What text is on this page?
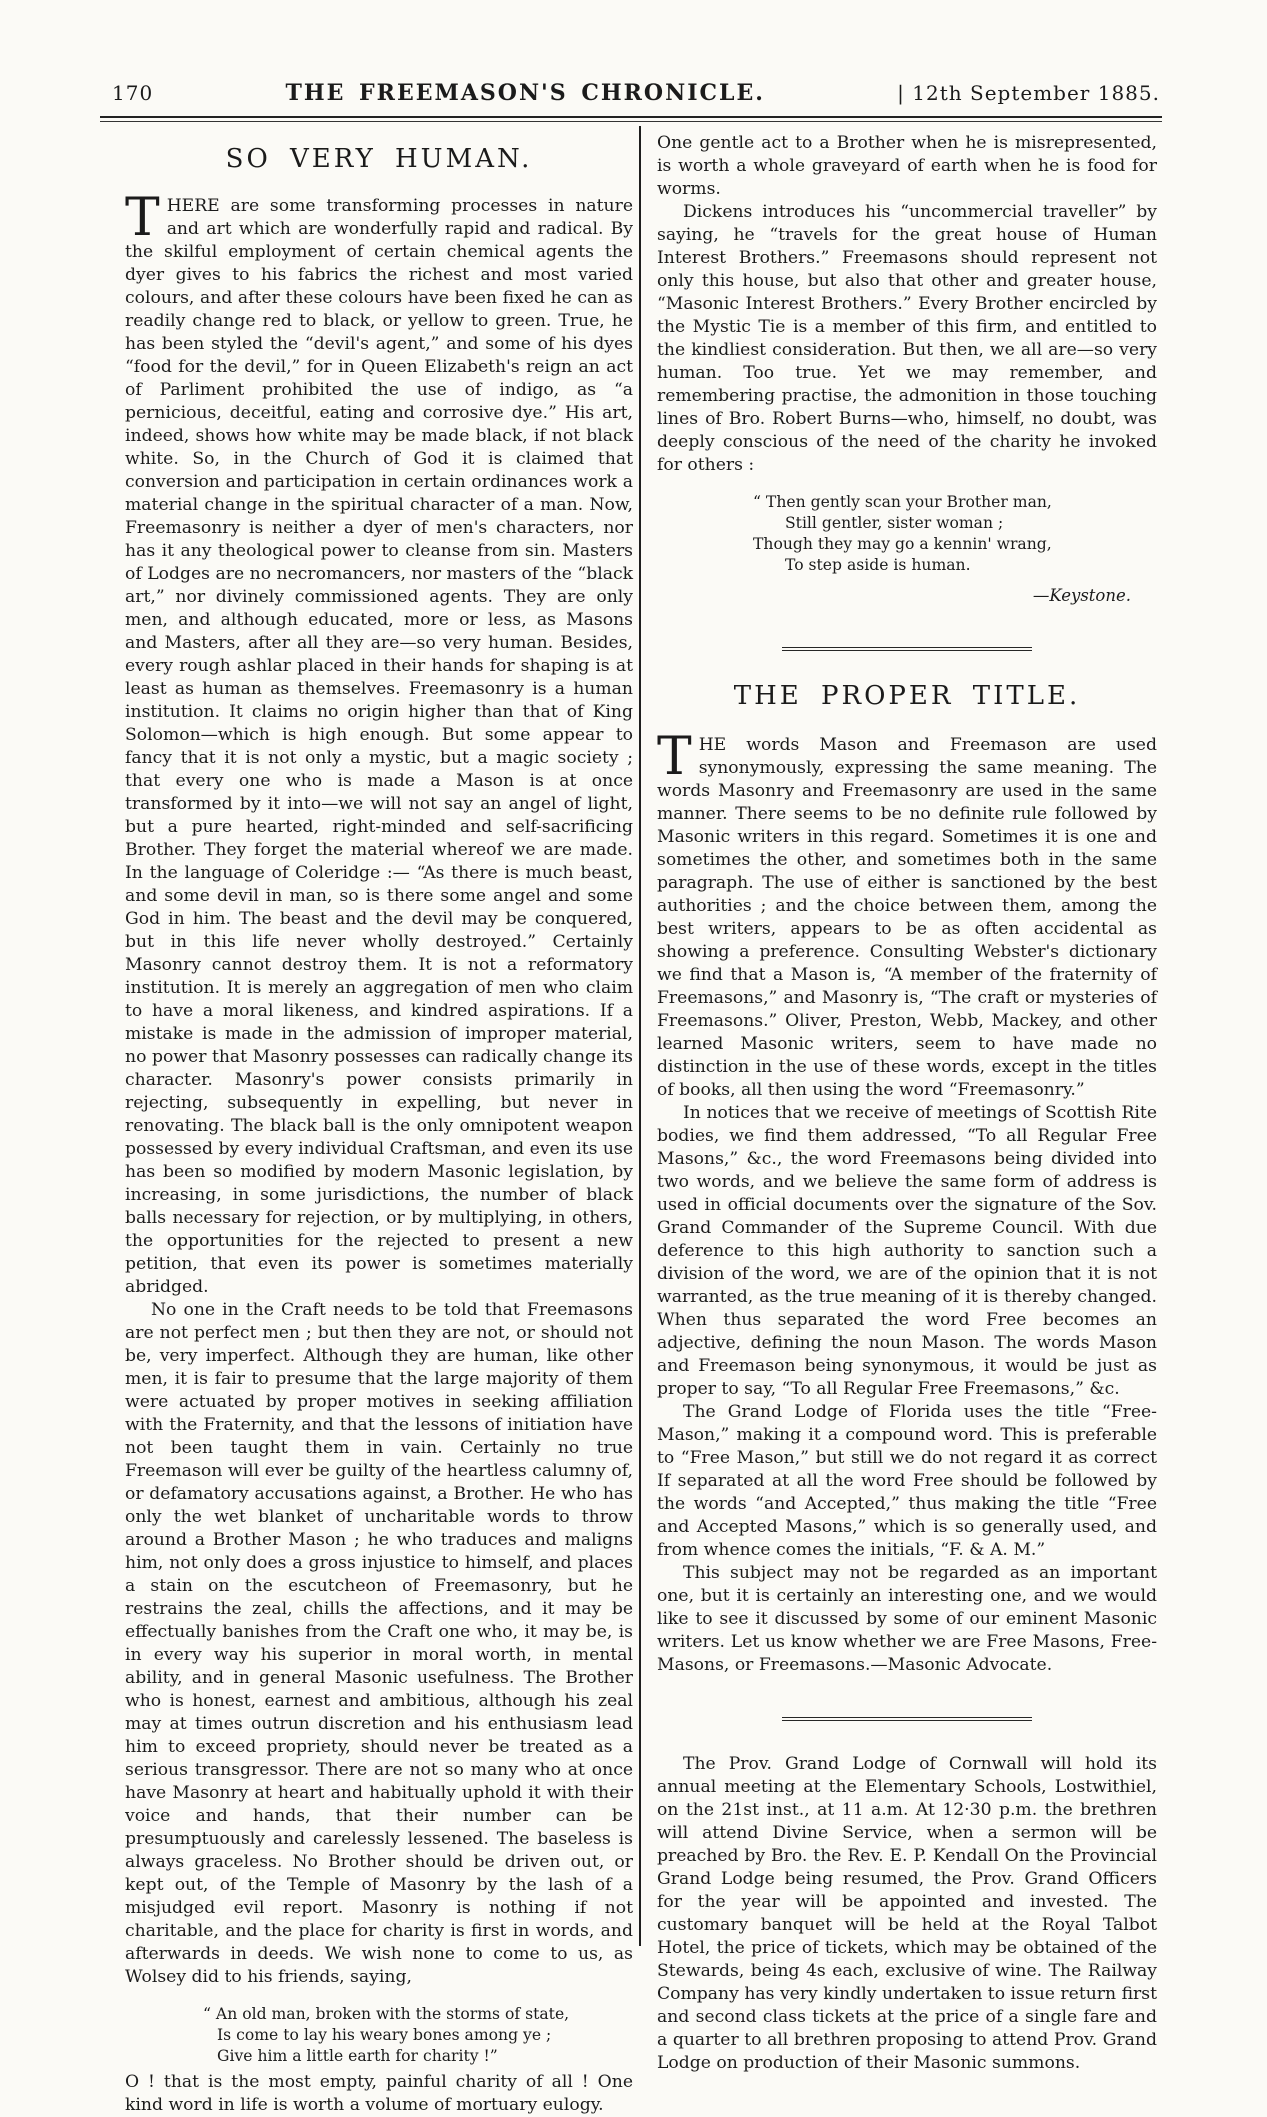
170	THE FREEMASON'S CHRONICLE.	| 12th September 1885.
SO VERY HUMAN.

THERE are some transforming processes in nature and art which are wonderfully rapid and radical. By the skilful employment of certain chemical agents the dyer gives to his fabrics the richest and most varied colours, and after these colours have been fixed he can as readily change red to black, or yellow to green. True, he has been styled the “devil's agent,” and some of his dyes “food for the devil,” for in Queen Elizabeth's reign an act of Parliment prohibited the use of indigo, as “a pernicious, deceitful, eating and corrosive dye.” His art, indeed, shows how white may be made black, if not black white. So, in the Church of God it is claimed that conversion and participation in certain ordinances work a material change in the spiritual character of a man. Now, Freemasonry is neither a dyer of men's characters, nor has it any theological power to cleanse from sin. Masters of Lodges are no necromancers, nor masters of the “black art,” nor divinely commissioned agents. They are only men, and although educated, more or less, as Masons and Masters, after all they are—so very human. Besides, every rough ashlar placed in their hands for shaping is at least as human as themselves. Freemasonry is a human institution. It claims no origin higher than that of King Solomon—which is high enough. But some appear to fancy that it is not only a mystic, but a magic society ; that every one who is made a Mason is at once transformed by it into—we will not say an angel of light, but a pure hearted, right-minded and self-sacrificing Brother. They forget the material whereof we are made. In the language of Coleridge :— “As there is much beast, and some devil in man, so is there some angel and some God in him. The beast and the devil may be conquered, but in this life never wholly destroyed.” Certainly Masonry cannot destroy them. It is not a reformatory institution. It is merely an aggregation of men who claim to have a moral likeness, and kindred aspirations. If a mistake is made in the admission of improper material, no power that Masonry possesses can radically change its character. Masonry's power consists primarily in rejecting, subsequently in expelling, but never in renovating. The black ball is the only omnipotent weapon possessed by every individual Craftsman, and even its use has been so modified by modern Masonic legislation, by increasing, in some jurisdictions, the number of black balls necessary for rejection, or by multiplying, in others, the opportunities for the rejected to present a new petition, that even its power is sometimes materially abridged.

No one in the Craft needs to be told that Freemasons are not perfect men ; but then they are not, or should not be, very imperfect. Although they are human, like other men, it is fair to presume that the large majority of them were actuated by proper motives in seeking affiliation with the Fraternity, and that the lessons of initiation have not been taught them in vain. Certainly no true Freemason will ever be guilty of the heartless calumny of, or defamatory accusations against, a Brother. He who has only the wet blanket of uncharitable words to throw around a Brother Mason ; he who traduces and maligns him, not only does a gross injustice to himself, and places a stain on the escutcheon of Freemasonry, but he restrains the zeal, chills the affections, and it may be effectually banishes from the Craft one who, it may be, is in every way his superior in moral worth, in mental ability, and in general Masonic usefulness. The Brother who is honest, earnest and ambitious, although his zeal may at times outrun discretion and his enthusiasm lead him to exceed propriety, should never be treated as a serious transgressor. There are not so many who at once have Masonry at heart and habitually uphold it with their voice and hands, that their number can be presumptuously and carelessly lessened. The baseless is always graceless. No Brother should be driven out, or kept out, of the Temple of Masonry by the lash of a misjudged evil report. Masonry is nothing if not charitable, and the place for charity is first in words, and afterwards in deeds. We wish none to come to us, as Wolsey did to his friends, saying,

“ An old man, broken with the storms of state,
Is come to lay his weary bones among ye ;
Give him a little earth for charity !”

O ! that is the most empty, painful charity of all ! One kind word in life is worth a volume of mortuary eulogy.

One gentle act to a Brother when he is misrepresented, is worth a whole graveyard of earth when he is food for worms.

Dickens introduces his “uncommercial traveller” by saying, he “travels for the great house of Human Interest Brothers.” Freemasons should represent not only this house, but also that other and greater house, “Masonic Interest Brothers.” Every Brother encircled by the Mystic Tie is a member of this firm, and entitled to the kindliest consideration. But then, we all are—so very human. Too true. Yet we may remember, and remembering practise, the admonition in those touching lines of Bro. Robert Burns—who, himself, no doubt, was deeply conscious of the need of the charity he invoked for others :

“ Then gently scan your Brother man,
Still gentler, sister woman ;
Though they may go a kennin' wrang,
To step aside is human.

—Keystone.

THE PROPER TITLE.

THE words Mason and Freemason are used synonymously, expressing the same meaning. The words Masonry and Freemasonry are used in the same manner. There seems to be no definite rule followed by Masonic writers in this regard. Sometimes it is one and sometimes the other, and sometimes both in the same paragraph. The use of either is sanctioned by the best authorities ; and the choice between them, among the best writers, appears to be as often accidental as showing a preference. Consulting Webster's dictionary we find that a Mason is, “A member of the fraternity of Freemasons,” and Masonry is, “The craft or mysteries of Freemasons.” Oliver, Preston, Webb, Mackey, and other learned Masonic writers, seem to have made no distinction in the use of these words, except in the titles of books, all then using the word “Freemasonry.”

In notices that we receive of meetings of Scottish Rite bodies, we find them addressed, “To all Regular Free Masons,” &c., the word Freemasons being divided into two words, and we believe the same form of address is used in official documents over the signature of the Sov. Grand Commander of the Supreme Council. With due deference to this high authority to sanction such a division of the word, we are of the opinion that it is not warranted, as the true meaning of it is thereby changed. When thus separated the word Free becomes an adjective, defining the noun Mason. The words Mason and Freemason being synonymous, it would be just as proper to say, “To all Regular Free Freemasons,” &c.

The Grand Lodge of Florida uses the title “Free-Mason,” making it a compound word. This is preferable to “Free Mason,” but still we do not regard it as correct If separated at all the word Free should be followed by the words “and Accepted,” thus making the title “Free and Accepted Masons,” which is so generally used, and from whence comes the initials, “F. & A. M.”

This subject may not be regarded as an important one, but it is certainly an interesting one, and we would like to see it discussed by some of our eminent Masonic writers. Let us know whether we are Free Masons, Free-Masons, or Freemasons.—Masonic Advocate.

The Prov. Grand Lodge of Cornwall will hold its annual meeting at the Elementary Schools, Lostwithiel, on the 21st inst., at 11 a.m. At 12·30 p.m. the brethren will attend Divine Service, when a sermon will be preached by Bro. the Rev. E. P. Kendall On the Provincial Grand Lodge being resumed, the Prov. Grand Officers for the year will be appointed and invested. The customary banquet will be held at the Royal Talbot Hotel, the price of tickets, which may be obtained of the Stewards, being 4s each, exclusive of wine. The Railway Company has very kindly undertaken to issue return first and second class tickets at the price of a single fare and a quarter to all brethren proposing to attend Prov. Grand Lodge on production of their Masonic summons.
